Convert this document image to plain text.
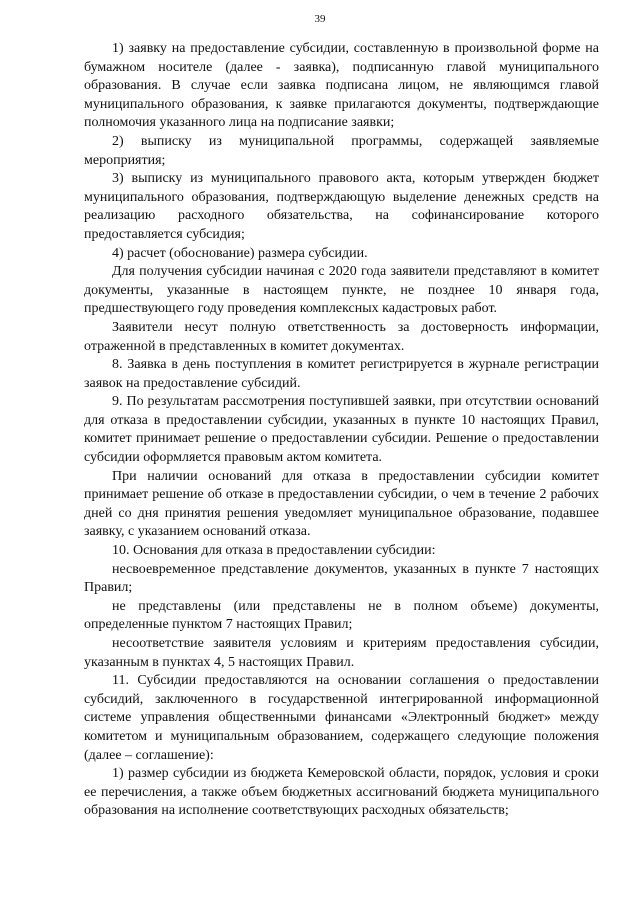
39

1) заявку на предоставление субсидии, составленную в произвольной форме на бумажном носителе (далее - заявка), подписанную главой муниципального образования. В случае если заявка подписана лицом, не являющимся главой муниципального образования, к заявке прилагаются документы, подтверждающие полномочия указанного лица на подписание заявки;

2) выписку из муниципальной программы, содержащей заявляемые мероприятия;

3) выписку из муниципального правового акта, которым утвержден бюджет муниципального образования, подтверждающую выделение денежных средств на реализацию расходного обязательства, на софинансирование которого предоставляется субсидия;

4) расчет (обоснование) размера субсидии.

Для получения субсидии начиная с 2020 года заявители представляют в комитет документы, указанные в настоящем пункте, не позднее 10 января года, предшествующего году проведения комплексных кадастровых работ.

Заявители несут полную ответственность за достоверность информации, отраженной в представленных в комитет документах.

8. Заявка в день поступления в комитет регистрируется в журнале регистрации заявок на предоставление субсидий.

9. По результатам рассмотрения поступившей заявки, при отсутствии оснований для отказа в предоставлении субсидии, указанных в пункте 10 настоящих Правил, комитет принимает решение о предоставлении субсидии. Решение о предоставлении субсидии оформляется правовым актом комитета.

При наличии оснований для отказа в предоставлении субсидии комитет принимает решение об отказе в предоставлении субсидии, о чем в течение 2 рабочих дней со дня принятия решения уведомляет муниципальное образование, подавшее заявку, с указанием оснований отказа.

10. Основания для отказа в предоставлении субсидии:

несвоевременное представление документов, указанных в пункте 7 настоящих Правил;

не представлены (или представлены не в полном объеме) документы, определенные пунктом 7 настоящих Правил;

несоответствие заявителя условиям и критериям предоставления субсидии, указанным в пунктах 4, 5 настоящих Правил.

11. Субсидии предоставляются на основании соглашения о предоставлении субсидий, заключенного в государственной интегрированной информационной системе управления общественными финансами «Электронный бюджет» между комитетом и муниципальным образованием, содержащего следующие положения (далее – соглашение):

1) размер субсидии из бюджета Кемеровской области, порядок, условия и сроки ее перечисления, а также объем бюджетных ассигнований бюджета муниципального образования на исполнение соответствующих расходных обязательств;
